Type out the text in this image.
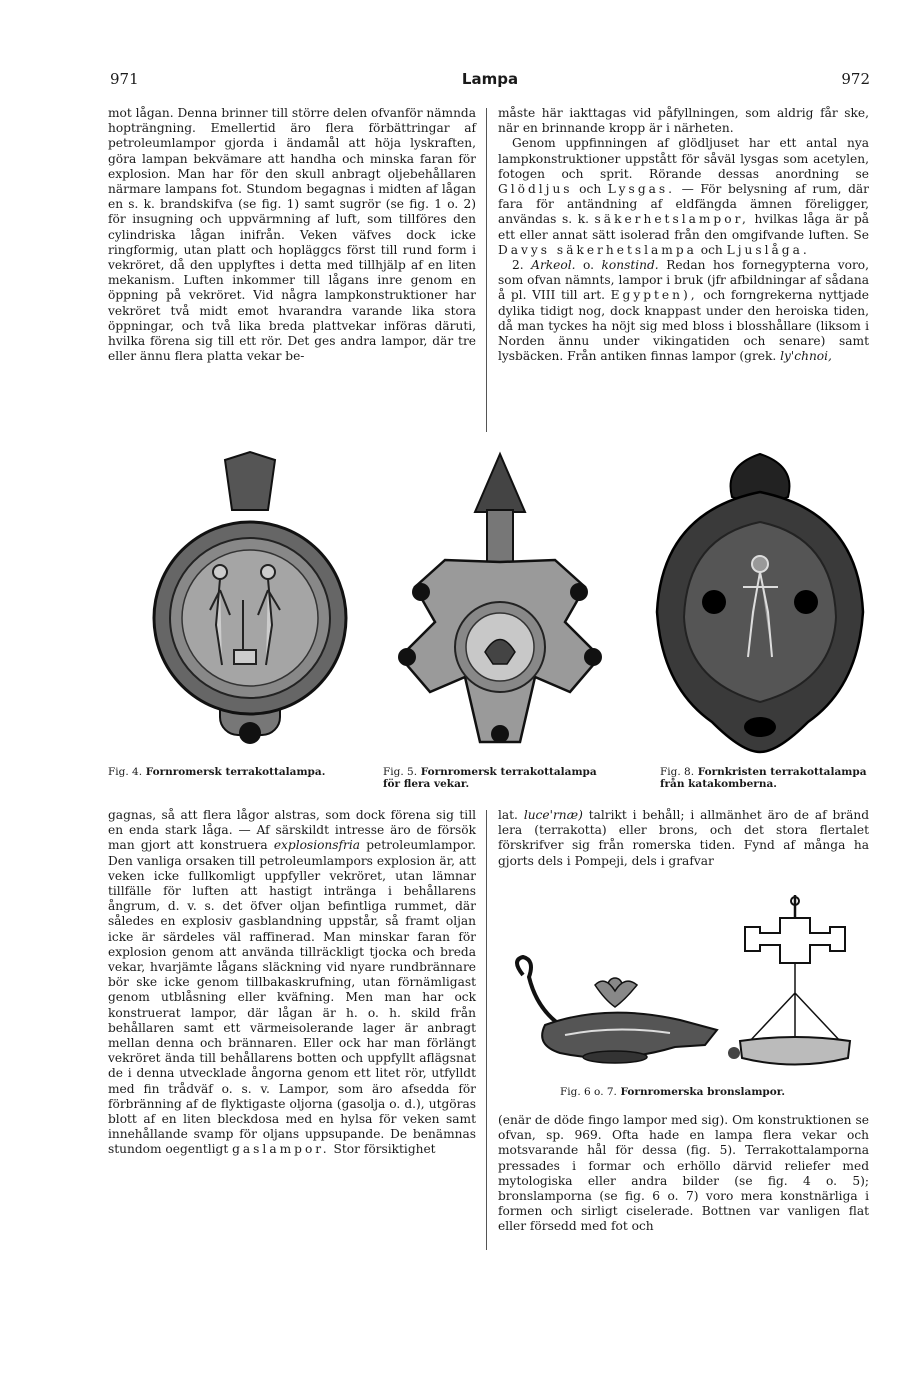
971	Lampa	972

mot lågan. Denna brinner till större delen ofvanför nämnda hopträngning. Emellertid äro flera förbättringar af petroleumlampor gjorda i ändamål att höja lyskraften, göra lampan bekvämare att handha och minska faran för explosion. Man har för den skull anbragt oljebehållaren närmare lampans fot. Stundom begagnas i midten af lågan en s. k. brandskifva (se fig. 1) samt sugrör (se fig. 1 o. 2) för insugning och uppvärmning af luft, som tillföres den cylindriska lågan inifrån. Veken väfves dock icke ringformig, utan platt och hopläggcs först till rund form i vekröret, då den upplyftes i detta med tillhjälp af en liten mekanism. Luften inkommer till lågans inre genom en öppning på vekröret. Vid några lampkonstruktioner har vekröret två midt emot hvarandra varande lika stora öppningar, och två lika breda plattvekar införas däruti, hvilka förena sig till ett rör. Det ges andra lampor, där tre eller ännu flera platta vekar be-

måste här iakttagas vid påfyllningen, som aldrig får ske, när en brinnande kropp är i närheten.

Genom uppfinningen af glödljuset har ett antal nya lampkonstruktioner uppstått för såväl lysgas som acetylen, fotogen och sprit. Rörande dessas anordning se Glödljus och Lysgas. — För belysning af rum, där fara för antändning af eldfängda ämnen föreligger, användas s. k. säkerhetslampor, hvilkas låga är på ett eller annat sätt isolerad från den omgifvande luften. Se Davys säkerhetslampa och Ljuslåga.

2. Arkeol. o. konstind. Redan hos fornegypterna voro, som ofvan nämnts, lampor i bruk (jfr afbildningar af sådana å pl. VIII till art. Egypten), och forngrekerna nyttjade dylika tidigt nog, dock knappast under den heroiska tiden, då man tyckes ha nöjt sig med bloss i blosshållare (liksom i Norden ännu under vikingatiden och senare) samt lysbäcken. Från antiken finnas lampor (grek. ly'chnoi,

Fig. 4. Fornromersk terrakottalampa.	Fig. 5. Fornromersk terrakottalampa för flera vekar.
Fig. 8. Fornkristen terrakottalampa från katakomberna.

gagnas, så att flera lågor alstras, som dock förena sig till en enda stark låga. — Af särskildt intresse äro de försök man gjort att konstruera explosionsfria petroleumlampor. Den vanliga orsaken till petroleumlampors explosion är, att veken icke fullkomligt uppfyller vekröret, utan lämnar tillfälle för luften att hastigt intränga i behållarens ångrum, d. v. s. det öfver oljan befintliga rummet, där således en explosiv gasblandning uppstår, så framt oljan icke är särdeles väl raffinerad. Man minskar faran för explosion genom att använda tillräckligt tjocka och breda vekar, hvarjämte lågans släckning vid nyare rundbrännare bör ske icke genom tillbakaskrufning, utan förnämligast genom utblåsning eller kväfning. Men man har ock konstruerat lampor, där lågan är h. o. h. skild från behållaren samt ett värmeisolerande lager är anbragt mellan denna och brännaren. Eller ock har man förlängt vekröret ända till behållarens botten och uppfyllt aflägsnat de i denna utvecklade ångorna genom ett litet rör, utfylldt med fin trådväf o. s. v. Lampor, som äro afsedda för förbränning af de flyktigaste oljorna (gasolja o. d.), utgöras blott af en liten bleckdosa med en hylsa för veken samt innehållande svamp för oljans uppsupande. De benämnas stundom oegentligt gaslampor. Stor försiktighet

lat. luce'rnæ) talrikt i behåll; i allmänhet äro de af bränd lera (terrakotta) eller brons, och det stora flertalet förskrifver sig från romerska tiden. Fynd af många ha gjorts dels i Pompeji, dels i grafvar

Fig. 6 o. 7. Fornromerska bronslampor.

(enär de döde fingo lampor med sig). Om konstruktionen se ofvan, sp. 969. Ofta hade en lampa flera vekar och motsvarande hål för dessa (fig. 5). Terrakottalamporna pressades i formar och erhöllo därvid reliefer med mytologiska eller andra bilder (se fig. 4 o. 5); bronslamporna (se fig. 6 o. 7) voro mera konstnärliga i formen och sirligt ciselerade. Bottnen var vanligen flat eller försedd med fot och
